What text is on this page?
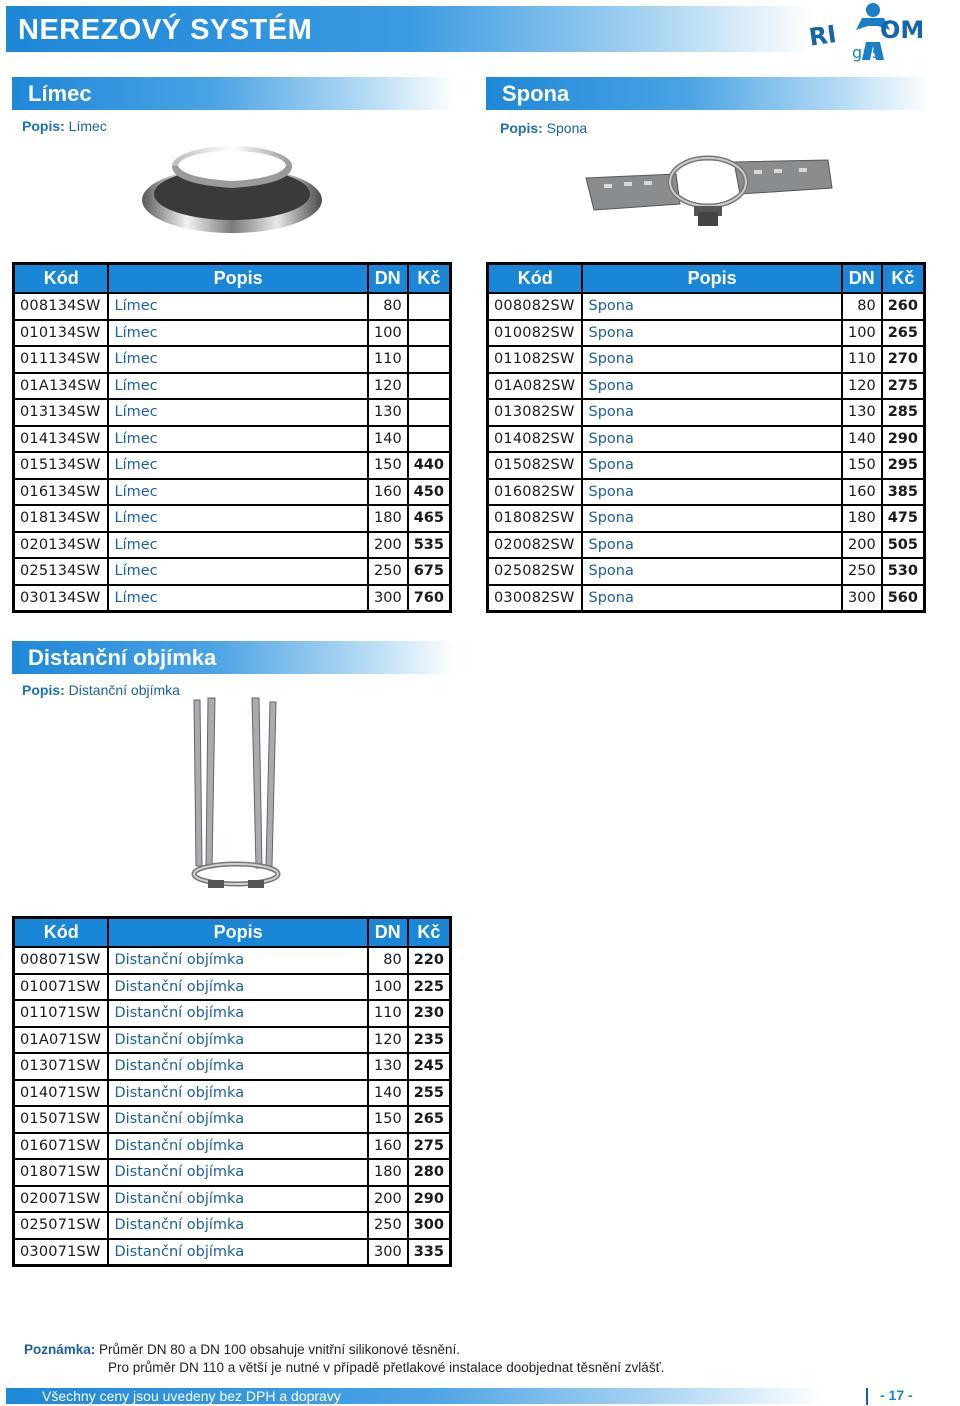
NEREZOVÝ SYSTÉM	RI OM
gas
Límec
Popis: Límec
Kód	Popis	DN	Kč
008134SW	Límec	80	
010134SW	Límec	100	
011134SW	Límec	110	
01A134SW	Límec	120	
013134SW	Límec	130	
014134SW	Límec	140	
015134SW	Límec	150	440
016134SW	Límec	160	450
018134SW	Límec	180	465
020134SW	Límec	200	535
025134SW	Límec	250	675
030134SW	Límec	300	760
Spona
Popis: Spona
Kód	Popis	DN	Kč
008082SW	Spona	80	260
010082SW	Spona	100	265
011082SW	Spona	110	270
01A082SW	Spona	120	275
013082SW	Spona	130	285
014082SW	Spona	140	290
015082SW	Spona	150	295
016082SW	Spona	160	385
018082SW	Spona	180	475
020082SW	Spona	200	505
025082SW	Spona	250	530
030082SW	Spona	300	560
Distanční objímka
Popis: Distanční objímka
Kód	Popis	DN	Kč
008071SW	Distanční objímka	80	220
010071SW	Distanční objímka	100	225
011071SW	Distanční objímka	110	230
01A071SW	Distanční objímka	120	235
013071SW	Distanční objímka	130	245
014071SW	Distanční objímka	140	255
015071SW	Distanční objímka	150	265
016071SW	Distanční objímka	160	275
018071SW	Distanční objímka	180	280
020071SW	Distanční objímka	200	290
025071SW	Distanční objímka	250	300
030071SW	Distanční objímka	300	335
Poznámka: Průměr DN 80 a DN 100 obsahuje vnitřní silikonové těsnění.
Pro průměr DN 110 a větší je nutné v případě přetlakové instalace doobjednat těsnění zvlášť.
Všechny ceny jsou uvedeny bez DPH a dopravy	- 17 -
